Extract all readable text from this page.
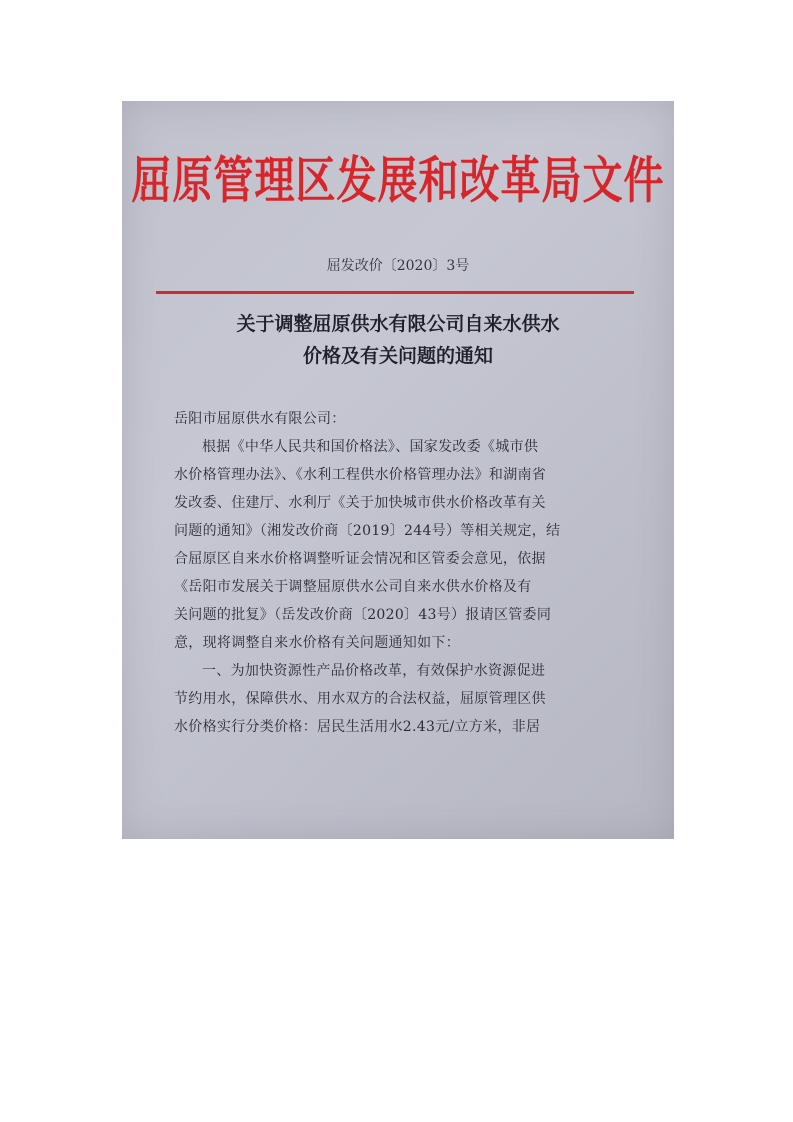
屈原管理区发展和改革局文件
屈发改价〔2020〕3号
关于调整屈原供水有限公司自来水供水
价格及有关问题的通知

岳阳市屈原供水有限公司：

根据《中华人民共和国价格法》、国家发改委《城市供

水价格管理办法》、《水利工程供水价格管理办法》和湖南省

发改委、住建厅、水利厅《关于加快城市供水价格改革有关

问题的通知》（湘发改价商〔2019〕244号）等相关规定，结

合屈原区自来水价格调整听证会情况和区管委会意见，依据

《岳阳市发展关于调整屈原供水公司自来水供水价格及有

关问题的批复》（岳发改价商〔2020〕43号）报请区管委同

意，现将调整自来水价格有关问题通知如下：

一、为加快资源性产品价格改革，有效保护水资源促进

节约用水，保障供水、用水双方的合法权益，屈原管理区供

水价格实行分类价格：居民生活用水2.43元/立方米，非居
